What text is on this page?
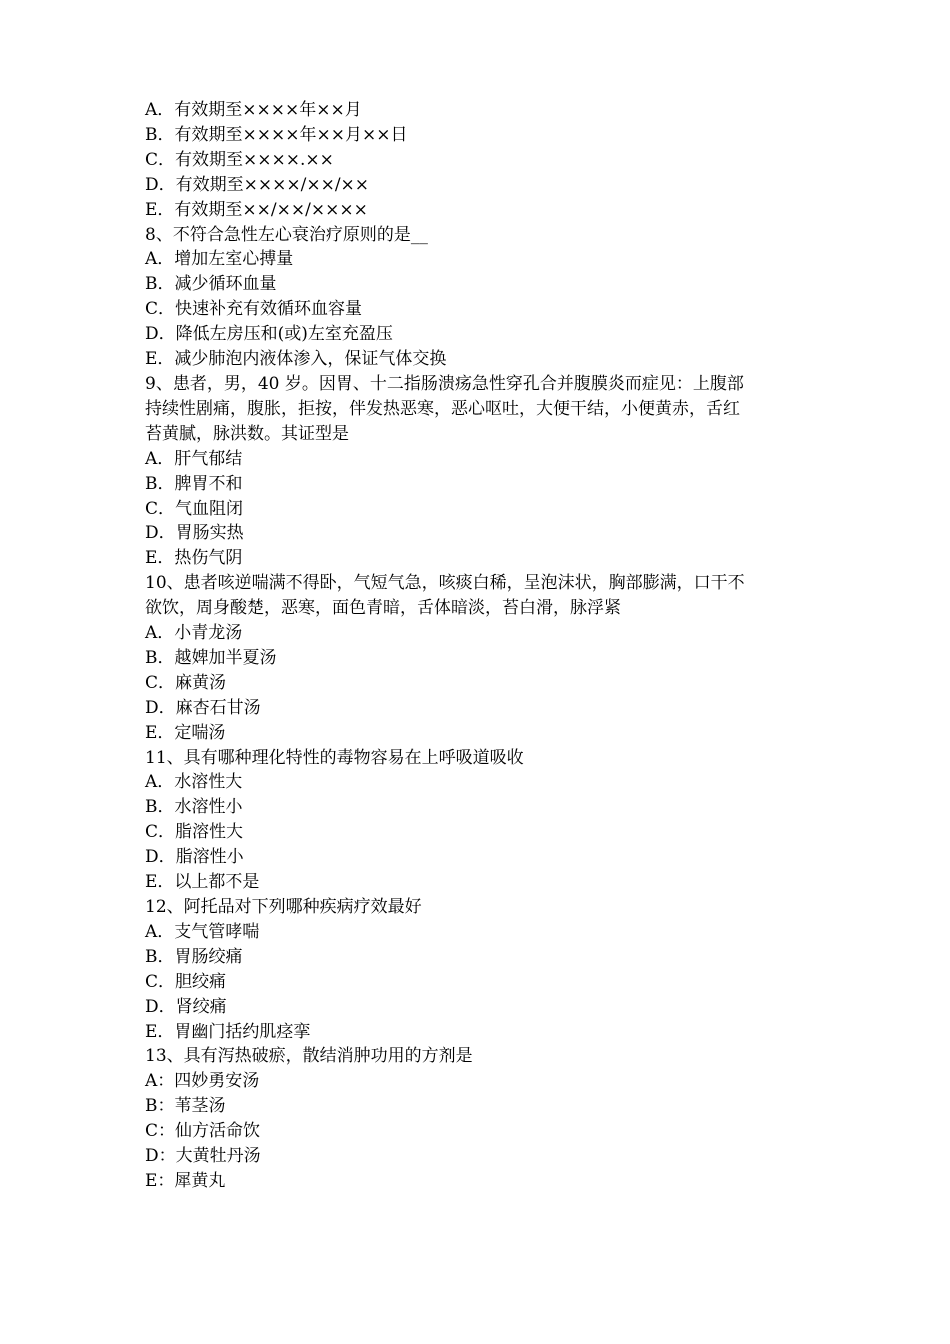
A．有效期至××××年××月
B．有效期至××××年××月××日
C．有效期至××××.××
D．有效期至××××/××/××
E．有效期至××/××/××××
8、不符合急性左心衰治疗原则的是__
A．增加左室心搏量
B．减少循环血量
C．快速补充有效循环血容量
D．降低左房压和(或)左室充盈压
E．减少肺泡内液体渗入，保证气体交换
9、患者，男，40 岁。因胃、十二指肠溃疡急性穿孔合并腹膜炎而症见：上腹部
持续性剧痛，腹胀，拒按，伴发热恶寒，恶心呕吐，大便干结，小便黄赤，舌红
苔黄腻，脉洪数。其证型是
A．肝气郁结
B．脾胃不和
C．气血阻闭
D．胃肠实热
E．热伤气阴
10、患者咳逆喘满不得卧，气短气急，咳痰白稀，呈泡沫状，胸部膨满，口干不
欲饮，周身酸楚，恶寒，面色青暗，舌体暗淡，苔白滑，脉浮紧
A．小青龙汤
B．越婢加半夏汤
C．麻黄汤
D．麻杏石甘汤
E．定喘汤
11、具有哪种理化特性的毒物容易在上呼吸道吸收
A．水溶性大
B．水溶性小
C．脂溶性大
D．脂溶性小
E．以上都不是
12、阿托品对下列哪种疾病疗效最好
A．支气管哮喘
B．胃肠绞痛
C．胆绞痛
D．肾绞痛
E．胃幽门括约肌痉挛
13、具有泻热破瘀，散结消肿功用的方剂是
A：四妙勇安汤
B：苇茎汤
C：仙方活命饮
D：大黄牡丹汤
E：犀黄丸
